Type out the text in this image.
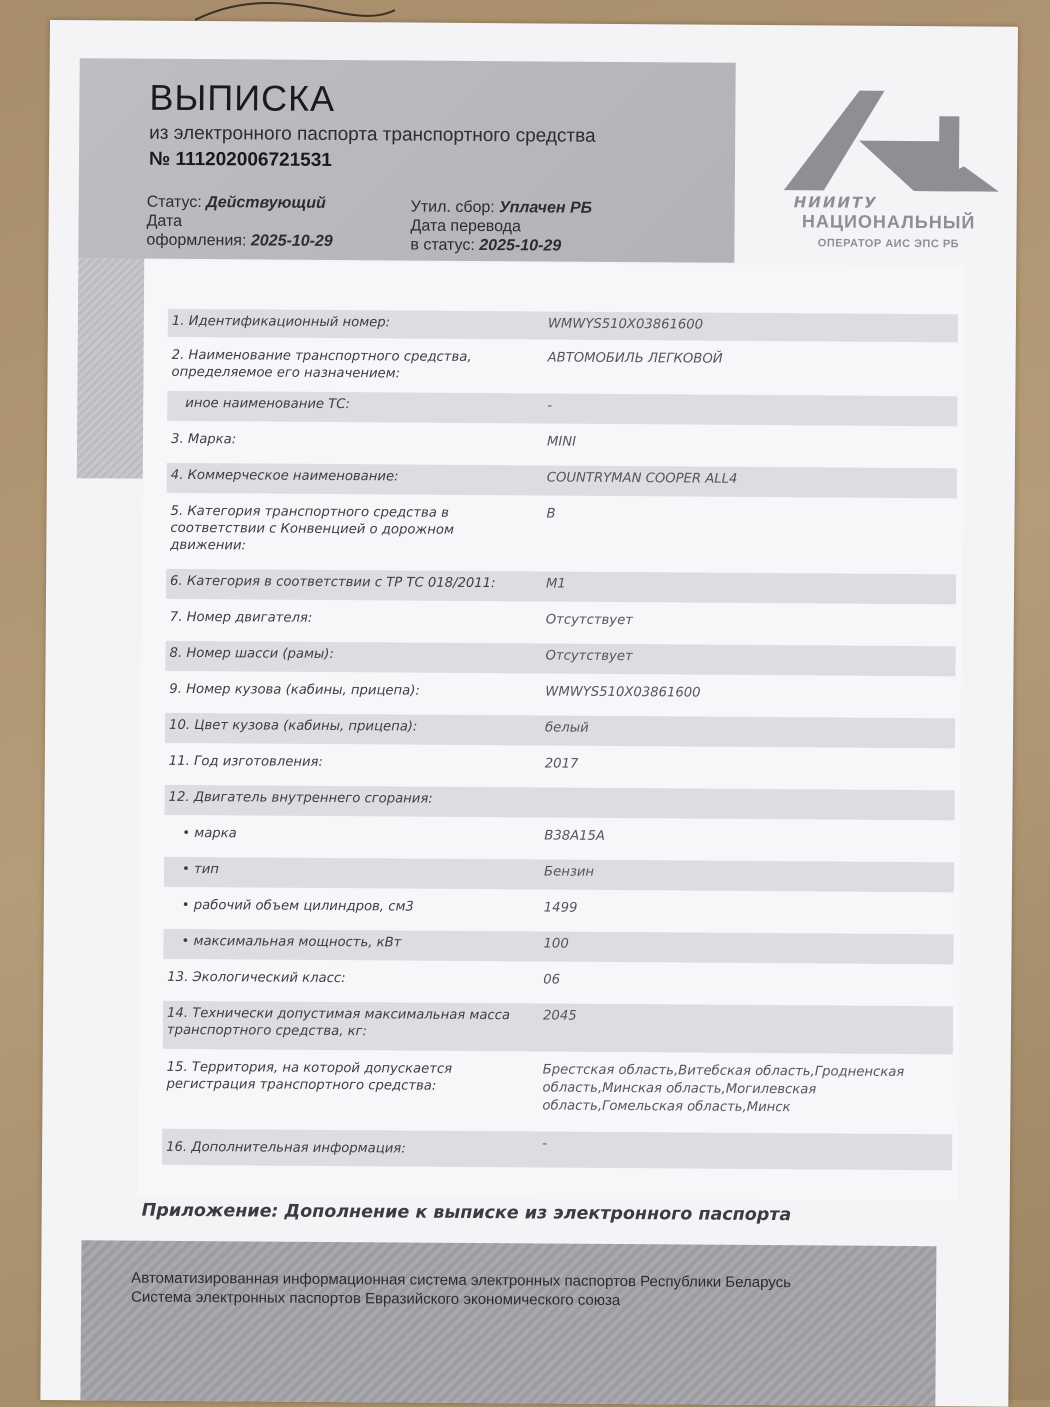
ВЫПИСКА
из электронного паспорта транспортного средства
№ 111202006721531
Статус: Действующий
Дата
оформления: 2025-10-29
Утил. сбор: Уплачен РБ
Дата перевода
в статус: 2025-10-29
НИИИТУ
НАЦИОНАЛЬНЫЙ
ОПЕРАТОР АИС ЭПС РБ
1. Идентификационный номер:	WMWYS510X03861600
2. Наименование транспортного средства, определяемое его назначением:
АВТОМОБИЛЬ ЛЕГКОВОЙ
иное наименование ТС:	-
3. Марка:	MINI
4. Коммерческое наименование:	COUNTRYMAN COOPER ALL4
5. Категория транспортного средства в соответствии с Конвенцией о дорожном движении:
B
6. Категория в соответствии с ТР ТС 018/2011:	M1
7. Номер двигателя:	Отсутствует
8. Номер шасси (рамы):	Отсутствует
9. Номер кузова (кабины, прицепа):	WMWYS510X03861600
10. Цвет кузова (кабины, прицепа):	белый
11. Год изготовления:	2017
12. Двигатель внутреннего сгорания:
• марка	B38A15A
• тип	Бензин
• рабочий объем цилиндров, см3	1499
• максимальная мощность, кВт	100
13. Экологический класс:	06
14. Технически допустимая максимальная масса транспортного средства, кг:
2045
15. Территория, на которой допускается регистрация транспортного средства:
Брестская область,Витебская область,Гродненская область,Минская область,Могилевская область,Гомельская область,Минск
16. Дополнительная информация:	-
Приложение: Дополнение к выписке из электронного паспорта
Автоматизированная информационная система электронных паспортов Республики Беларусь
Система электронных паспортов Евразийского экономического союза
